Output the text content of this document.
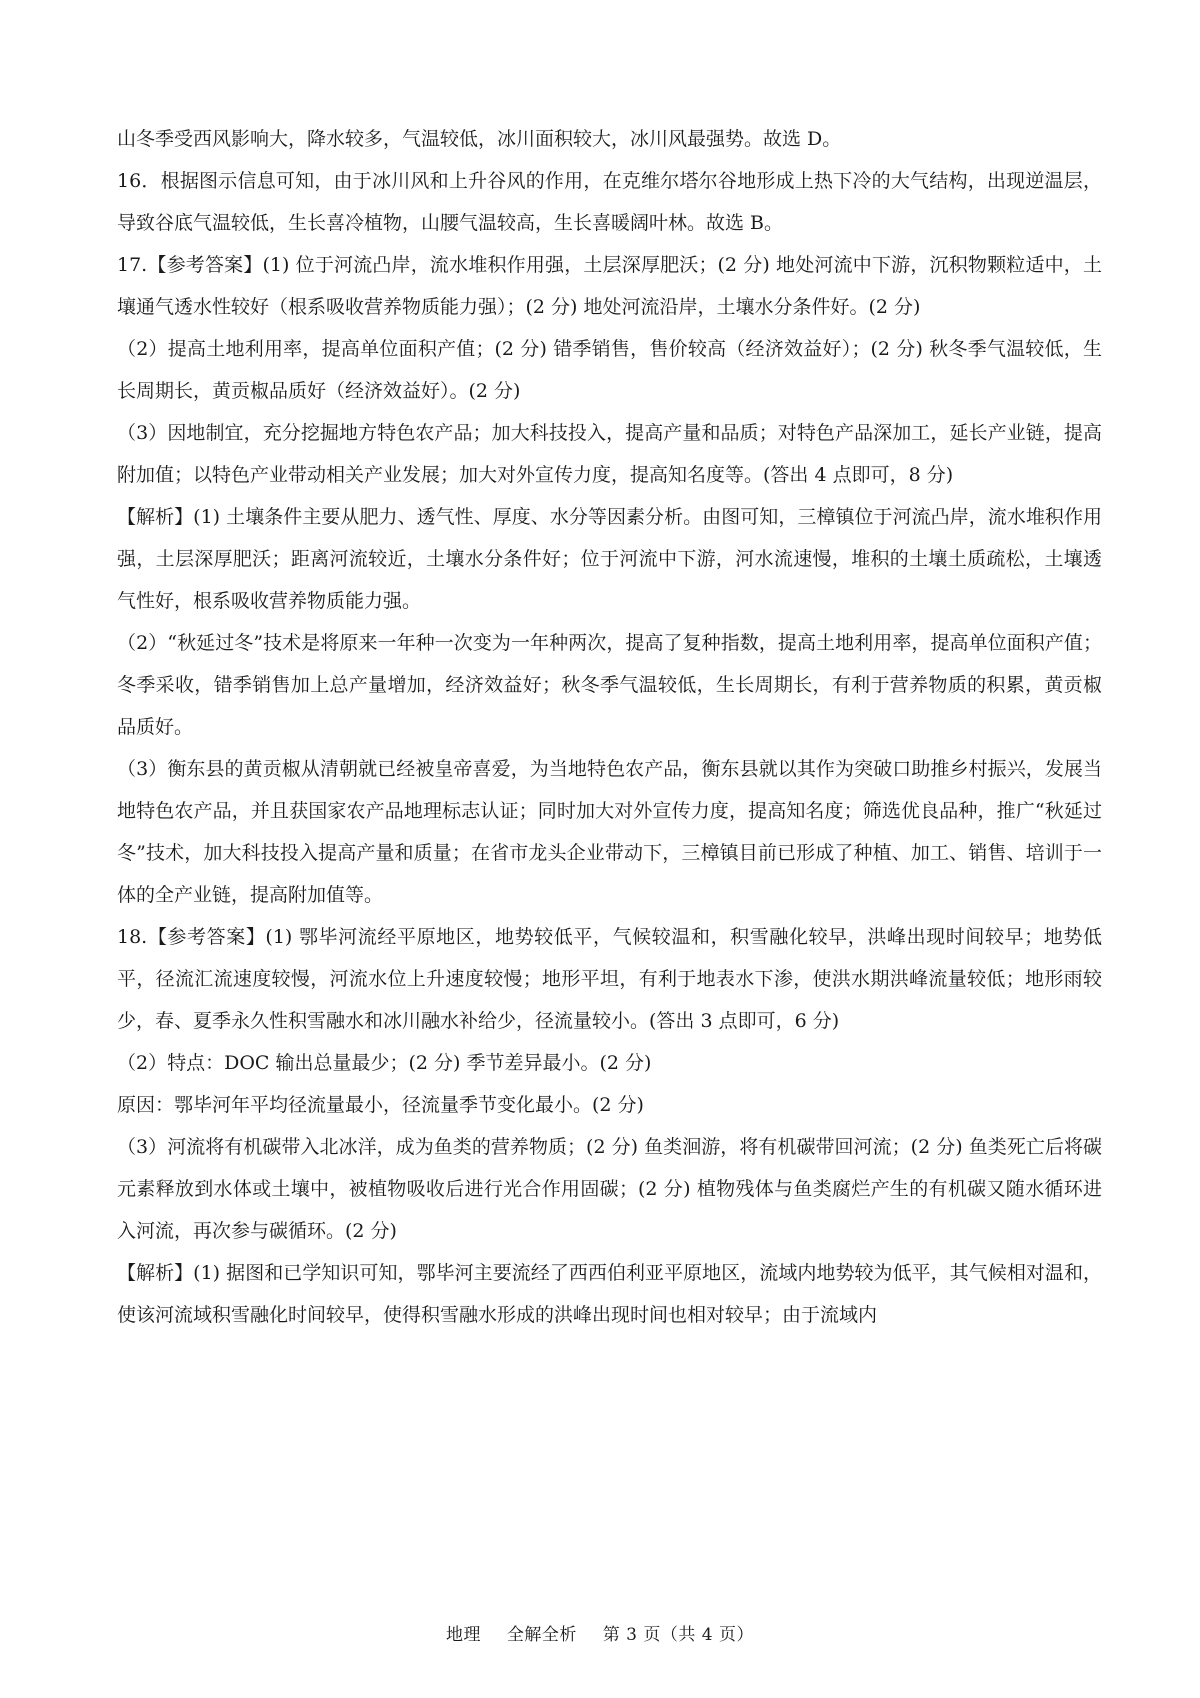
山冬季受西风影响大，降水较多，气温较低，冰川面积较大，冰川风最强势。故选 D。

16．根据图示信息可知，由于冰川风和上升谷风的作用，在克维尔塔尔谷地形成上热下冷的大气结构，出现逆温层，导致谷底气温较低，生长喜冷植物，山腰气温较高，生长喜暖阔叶林。故选 B。

17.【参考答案】(1) 位于河流凸岸，流水堆积作用强，土层深厚肥沃；(2 分) 地处河流中下游，沉积物颗粒适中，土壤通气透水性较好（根系吸收营养物质能力强）；(2 分) 地处河流沿岸，土壤水分条件好。(2 分)

（2）提高土地利用率，提高单位面积产值；(2 分) 错季销售，售价较高（经济效益好）；(2 分) 秋冬季气温较低，生长周期长，黄贡椒品质好（经济效益好）。(2 分)

（3）因地制宜，充分挖掘地方特色农产品；加大科技投入，提高产量和品质；对特色产品深加工，延长产业链，提高附加值；以特色产业带动相关产业发展；加大对外宣传力度，提高知名度等。(答出 4 点即可，8 分)

【解析】(1) 土壤条件主要从肥力、透气性、厚度、水分等因素分析。由图可知，三樟镇位于河流凸岸，流水堆积作用强，土层深厚肥沃；距离河流较近，土壤水分条件好；位于河流中下游，河水流速慢，堆积的土壤土质疏松，土壤透气性好，根系吸收营养物质能力强。

（2）“秋延过冬”技术是将原来一年种一次变为一年种两次，提高了复种指数，提高土地利用率，提高单位面积产值；冬季采收，错季销售加上总产量增加，经济效益好；秋冬季气温较低，生长周期长，有利于营养物质的积累，黄贡椒品质好。

（3）衡东县的黄贡椒从清朝就已经被皇帝喜爱，为当地特色农产品，衡东县就以其作为突破口助推乡村振兴，发展当地特色农产品，并且获国家农产品地理标志认证；同时加大对外宣传力度，提高知名度；筛选优良品种，推广“秋延过冬”技术，加大科技投入提高产量和质量；在省市龙头企业带动下，三樟镇目前已形成了种植、加工、销售、培训于一体的全产业链，提高附加值等。

18.【参考答案】(1) 鄂毕河流经平原地区，地势较低平，气候较温和，积雪融化较早，洪峰出现时间较早；地势低平，径流汇流速度较慢，河流水位上升速度较慢；地形平坦，有利于地表水下渗，使洪水期洪峰流量较低；地形雨较少，春、夏季永久性积雪融水和冰川融水补给少，径流量较小。(答出 3 点即可，6 分)

（2）特点：DOC 输出总量最少；(2 分) 季节差异最小。(2 分)

原因：鄂毕河年平均径流量最小，径流量季节变化最小。(2 分)

（3）河流将有机碳带入北冰洋，成为鱼类的营养物质；(2 分) 鱼类洄游，将有机碳带回河流；(2 分) 鱼类死亡后将碳元素释放到水体或土壤中，被植物吸收后进行光合作用固碳；(2 分) 植物残体与鱼类腐烂产生的有机碳又随水循环进入河流，再次参与碳循环。(2 分)

【解析】(1) 据图和已学知识可知，鄂毕河主要流经了西西伯利亚平原地区，流域内地势较为低平，其气候相对温和，使该河流域积雪融化时间较早，使得积雪融水形成的洪峰出现时间也相对较早；由于流域内

地理 全解全析 第 3 页（共 4 页）
